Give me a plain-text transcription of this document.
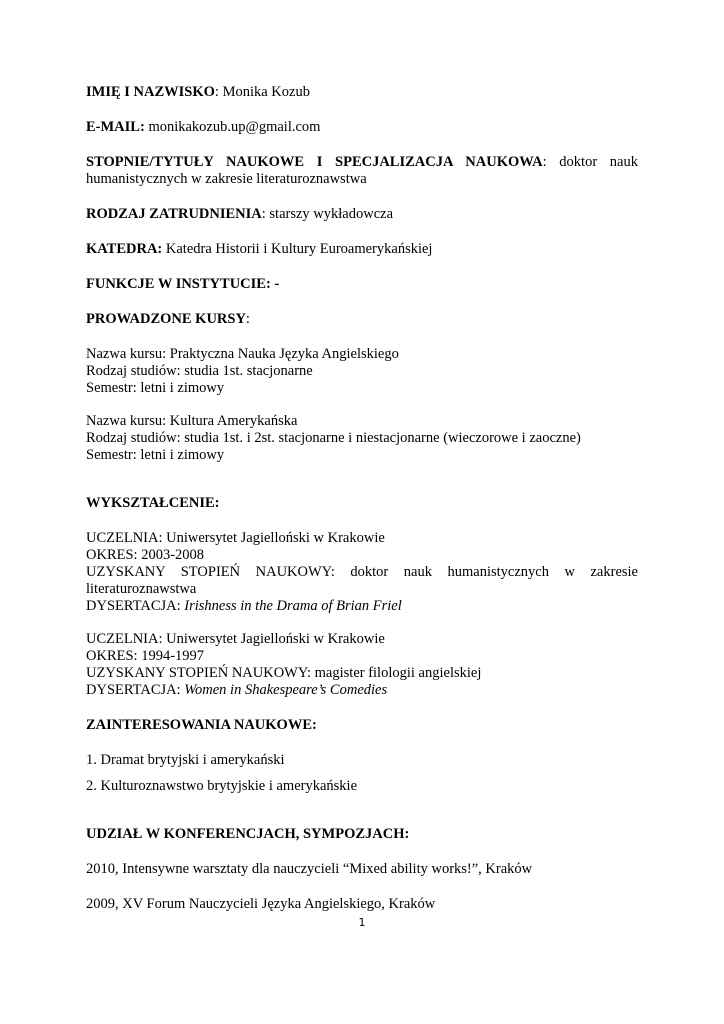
IMIĘ I NAZWISKO: Monika Kozub
E-MAIL: monikakozub.up@gmail.com
STOPNIE/TYTUŁY NAUKOWE I SPECJALIZACJA NAUKOWA: doktor nauk humanistycznych w zakresie literaturoznawstwa
RODZAJ ZATRUDNIENIA: starszy wykładowcza
KATEDRA: Katedra Historii i Kultury Euroamerykańskiej
FUNKCJE W INSTYTUCIE: -
PROWADZONE KURSY:
Nazwa kursu: Praktyczna Nauka Języka Angielskiego
Rodzaj studiów: studia 1st. stacjonarne
Semestr: letni i zimowy
Nazwa kursu: Kultura Amerykańska
Rodzaj studiów: studia 1st. i 2st. stacjonarne i niestacjonarne (wieczorowe i zaoczne)
Semestr: letni i zimowy
WYKSZTAŁCENIE:
UCZELNIA: Uniwersytet Jagielloński w Krakowie
OKRES: 2003-2008
UZYSKANY STOPIEŃ NAUKOWY: doktor nauk humanistycznych w zakresie literaturoznawstwa
DYSERTACJA: Irishness in the Drama of Brian Friel
UCZELNIA: Uniwersytet Jagielloński w Krakowie
OKRES: 1994-1997
UZYSKANY STOPIEŃ NAUKOWY: magister filologii angielskiej
DYSERTACJA: Women in Shakespeare’s Comedies
ZAINTERESOWANIA NAUKOWE:
1. Dramat brytyjski i amerykański
2. Kulturoznawstwo brytyjskie i amerykańskie
UDZIAŁ W KONFERENCJACH, SYMPOZJACH:
2010, Intensywne warsztaty dla nauczycieli “Mixed ability works!”, Kraków
2009, XV Forum Nauczycieli Języka Angielskiego, Kraków
1
